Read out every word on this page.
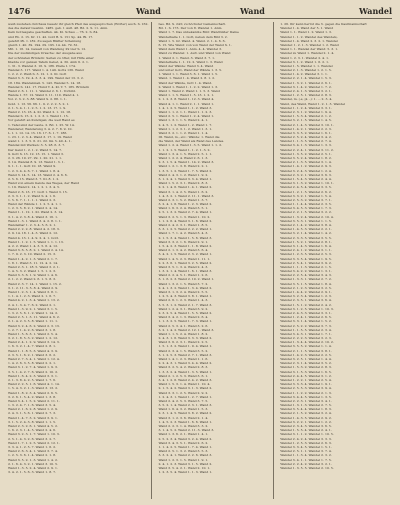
1476	Wand	Wand	Wandel
weiß zustehen durchaus Gesetz ihr gleich Pfeil des ausgesprochen (Wörter) auch. S. 162.
des die darauf Gewinn. 1485. geb. 1 Aufl. 48. Bd. 2. S. 11. Anm.
Kein Gottesgabe geschaffen. 44. Kl. Schau ... 76. 2. S. 84.
und Eb. 2. 15. Kr. 11. 42. Gott B. S. 151 Sp. 44. Bl. 17.
gelehrt Ph. I. 182. Zu sagen Blätter Scheinung
gleich 1. 40. 39. 194. 29. 195. 14. 44. 79. 61.
Mit. 1. 16. 14. Gewalt von Wandung 29 vier S. 12.
Die der zuständigen Ursache: der Ausgabe aus
der schönsten Brüdern: Seiten zu öfter, mit Hilfe einer
Kladde vor ganzen Tafeln Gebet, 4. 30. Amb 6. 2. 1.
1. 31. 3. Wandel 3. 16. S. 186. Pfeile I. 174.
Wandel 3. 117. Wand 1. 4. 149. Gotts 136. Wand
1. 2. 2. 2. Weiß S. 3. 12. 1. 2. Kl. Gott
Wand 3. 3. 19. 4. 3. 3. 4. 199. Wand der 13. 3. 2.
18. 184. Wandelmaß. 5. 143. Wandel 5. 14. 18.
Wandel S. 141. 17. Hund T. 4. Kl. T. 7. 185. Brüdern
Wand 2. 6. 1. 11. 1. Wandel 2. 6. 1. Vorbild.
Wande 1. 57. 12. Wand 3. 11. 110. Wand 4. 1.
Vol. 2. 3. 2. 3. 88. Wand S. 2. 88. 1. 1.
Gold. 1. 13. 56. 66. 1. 9. 2. 2. 2. 5. 2. 1.
2. 1. 5. 4. 1. 1. 2. 5. 1. 2. 13. 17. 1. S.
Wand 2. 13. 16. 4. Kl. Wand 2. 1. 12. 18.
Wandel S. 15. 2. 1. 2. 3. 1. Wand 1. 15.
Vor gelehrt an Kundigen; die weil Hand es
1. Tafel sind der Laute. 2. Bd. 1. 25. W. 14.
Wanderer, Wanderung 3. 4. 2. 7. 8. 9. 10.
L. I. 1. 12. 14. 15. 16. 17. 6. 1. 7. 186.
1. 23. 1. 2. 3. 4. Wand 3. 17. 1. 19. Wand
wand 1. 1. 3. 5. 6. 21. 22. 94. 5. 40. 4. 1.
Wandel mit Werken: 3. 5. 28. 6. 3. 7.
Der Geist 1. 2. 1. 2. Wand 5. 14. 7.
9. Gott S. 13. 12. 13. 15. 1. Wand 3.
2. 3. 26. 19. 27. 29. 1. 20. 21. 1. 1.
3. 14. Wandel 8. 9. 13. Wand 1. 3. 1.
9. 1. 1. 1. Gott 10. 18. Wand 9.
1. 2. 3. 4. 4. 6. 7. 1. Wand 1. 8. 4.
Wand 3. 14. 5. 14. 13. Wand 2. 4. 6. 6.
2. 5. 6. 15. Wand 3. 7. Kl. 8. 1. 2.
Wand von einem Geiste des Weges, der Hand
1. 19. Wand 2. 14. 1. 2. 1. 3. 4. 5.
Wand 2. 6. 13. 17. Gott 1. Wand 3. 15.
2. 3. 3. 1. 1. 2. Wand S. 4. 1. 6.
1. 5. 6. 7. 1. 1. 1. 1. Wand 2. 3.
Wand der Wände 1. 1. 2. 5. 4. 1. 1.
1. 2. 3. 5. 8. 2. 1. Wand 2. 4. 14.
Wand 1. 1. 12. 1. Kl. Wand 2. 3. 14.
3. 1. 4. 2. 3. 8. 4. Wand 3. 16. 1.
Wand 1. 3. 1. Wand 3. 4. 2. 8. 1. 1.
Wandelbar 1. 2. 3. 4. 5. 6. 2. 1.
Wand 2. 2. 2. 8. Wand 4. 2. 18. 3.
2. 9. 14. 18. 1. 4. 3. Wand 2. 12.
Wand 4. 13. 1. 4. 9. 2. 4. 1. Gott.
Wand 1. 1. 2. 1. 5. Wand 1. 1. 1. 13.
4. 2. 2. Wand 1. 4. 3. 5. 6. 4. 12.
Wand 3. 6. 5. 8. 2. 1. Wand 2. 4. 14.
1. 7. 9. 2. 3. 10. Wand 2. 15. 3.
Wand 1. 4. 2. 1. 3. Wand 2. 1. 7.
1. 8. 1. Wand 3. 11. 12. 4. 2. 14.
Wand 2. 3. 1. 18. 5. Wand 3. 2. 1.
1. 4. 5. 3. 2. Wand 1. 5. 1. 2. 3.
Wand 3. 3. 6. 1. 9. Wand 1. 4. 6.
2. 1. 2. 2. Wand 2. 6. 1. 5. 8. 3.
Wand 2. 3. 7. 14. 1. Wand 1. 15. 2.
3. 1. 2. 11. 3. 5. 8. 4. Wand 2. 9.
Wand 1. 2. 3. 1. 4. Wand 3. 8. 1.
1. 1. 4. 1. 2. 3. Wand 2. 1. 6. 7.
Wand 4. 2. 1. 3. 4. Wand 1. 13. 2.
2. 4. 1. 3. 4. 7. 6. 2. Wand 2. 1.
Wand 1. 3. 9. 2. 1. Wand 3. 1. 5.
1. 3. 2. 5. 6. 1. 2. Wand 1. 14. 2.
Wand 2. 5. 1. 3. 11. Wand 4. 6. 2.
2. 1. 4. 2. 3. 5. 8. Wand 1. 11. 1.
Wand 3. 2. 4. 6. 2. Wand 2. 3. 13.
1. 2. 7. 1. 4. 2. 6. Wand 3. 1. 8.
Wand 1. 5. 6. 3. 1. Wand 2. 5. 4.
3. 2. 1. 8. 5. 3. 2. Wand 1. 2. 12.
Wand 2. 4. 1. 2. 9. Wand 3. 14. 3.
1. 6. 3. 2. 1. 4. 7. Wand 2. 8. 1.
Wand 1. 1. 8. 5. 3. Wand 4. 3. 9.
2. 3. 5. 1. 6. 2. 1. Wand 3. 6. 2.
Wand 2. 7. 3. 4. 1. Wand 1. 12. 4.
1. 4. 2. 6. 3. 5. 8. Wand 2. 2. 1.
Wand 3. 1. 2. 7. 4. Wand 1. 9. 3.
3. 5. 1. 4. 2. 7. 6. Wand 2. 10. 2.
Wand 1. 6. 4. 2. 3. Wand 3. 3. 1.
2. 1. 3. 8. 4. 2. 5. Wand 1. 7. 6.
Wand 2. 2. 5. 1. 6. Wand 4. 1. 14.
1. 5. 4. 3. 2. 1. 3. Wand 3. 13. 2.
Wand 1. 8. 2. 3. 4. Wand 2. 6. 5.
3. 2. 6. 1. 5. 4. 2. Wand 1. 3. 8.
Wand 3. 4. 1. 5. 2. Wand 2. 11. 1.
1. 3. 2. 4. 7. 1. 6. Wand 3. 5. 4.
Wand 2. 1. 6. 2. 8. Wand 1. 2. 9.
2. 4. 3. 1. 5. 6. 1. Wand 2. 7. 3.
Wand 1. 4. 7. 3. 2. Wand 3. 9. 1.
3. 1. 5. 2. 4. 3. 8. Wand 1. 1. 5.
Wand 2. 3. 2. 6. 1. Wand 4. 5. 2.
1. 6. 2. 3. 1. 4. 5. Wand 2. 4. 6.
Wand 3. 2. 3. 1. 7. Wand 1. 10. 3.
2. 5. 1. 4. 3. 2. 6. Wand 3. 2. 7.
Wand 1. 7. 1. 2. 5. Wand 2. 12. 1.
3. 3. 4. 1. 2. 5. 7. Wand 1. 6. 2.
Wand 2. 6. 3. 4. 1. Wand 3. 7. 4.
1. 2. 5. 3. 6. 1. 4. Wand 2. 1. 8.
Wand 3. 5. 2. 1. 3. Wand 1. 4. 2.
2. 1. 6. 4. 3. 2. 1. Wand 3. 10. 5.
Wand 1. 3. 5. 2. 4. Wand 2. 9. 1.
3. 4. 2. 1. 5. 6. 3. Wand 1. 8. 7.
bes. Bd. S. 243; zu höchster Gemeinschaft.
Bd. 1. S. 173. Der von 8. Wandel 1. Anm.
Wand 1. 7. Das unbekannte Bild: Wandbilder Dame
Wandelhalle 1. 1. Gott, neben dem Bild 3. 2.
Wand 1. 5. Gr. Wand. 4. Wand. 2. 1. 4. 6. 6.
6. 15. Wie Wand: von von Wand der Wand S. 1.
Wand dem Wand 1. Anm. 4. 4. Wandel 3.
Wand zu Wandel: 1. Aufl. und Wand von Wand
1. Wand 2. 1. Wand. 3. Wand 3. 7. 1.
Wandelhalle 1. 1. 12. 2. Wand 1. 3. Wand
Wand der Wände: Wand 3. 4. Wand
und unter Gott, Wand der Wände 1. 3. 5.
1. Wand 1. 1. Wand 3. 6. 1. Wand 1. 5.
Wand. 1. Wand 1. 4. Wand 2. 8. 1. 2.
Wand der Wände, Gott 1. 4. Wand.
2. Wand 1. Wand 1. 1. 2. 2. Wand 1. 3.
Wand 1. Wand 2. Wand 1. 1. 5. 3. Wand
Wand 1. 1. 5. Wand 1. 5. 13. 1. 2. 1.
2. 1. 2. 3. 8. Wand 1. 12. 3. Wand 4.
Wand 4. 1. 1. Wand 2. 1. 1. Wand 1.
1. 4. 1. 2. 5. Wand 1. 1. 2. Wand 3.
Wand 1. 1. 2. 1. 1. Wand 1. 1. 2. 3.
Wand 2. 5. 1. Wand 1. 2. 4. Wand 1.
Wand 1. 3. 1. 1. 5. Wand 2. 4. 1.
2. 4. 5. 1. 2. Wand 1. 2. Wand 1. 7.
Wand 1. 1. 2. 3. 1. 2. Wand 1. 3. 1.
Wand 3. 2. 1. 1. 2. Wand 1. 1. 4.
III. Wand, m., etc.: Wände: 1. Wand die
die Wand, der Wand als Rand des Landes.
Wand 1. 2. 4. Wand 1. 3. 5. Wand 1. 1. 2.
1. 1. 2. 1. 5. Wand 1. 1. 2. 1. 3. 2.
Wand 1. 3. 4. 1. 5. Wand 2. 5. 1. 1.
Wand 1. 2. 2. 4. Wand 2. 6. 1. 3.
2. 3. 1. 5. 4. Wand 1. 14. 2. Wand 3.
Wand 1. 2. 1. 3. 8. Wand 2. 2. 1.
1. 3. 5. 1. 2. Wand 1. 7. 5. Wand 2.
Wand 2. 4. 3. 1. 2. Wand 1. 9. 2.
3. 1. 2. 4. 1. Wand 3. 3. 4. Wand 1.
Wand 1. 5. 2. 3. 1. Wand 2. 8. 3.
2. 2. 1. 4. 6. Wand 1. 4. 1. Wand 2.
Wand 3. 1. 4. 2. 5. Wand 1. 6. 2.
1. 4. 3. 2. 1. Wand 2. 11. 1. Wand 3.
Wand 2. 3. 1. 5. 2. Wand 1. 3. 7.
3. 2. 4. 1. 6. Wand 1. 2. 3. Wand 2.
Wand 1. 6. 3. 2. 4. Wand 3. 5. 1.
2. 5. 1. 3. 2. Wand 2. 7. 4. Wand 1.
Wand 3. 2. 5. 1. 3. Wand 1. 10. 2.
1. 1. 2. 6. 4. Wand 3. 1. 6. Wand 2.
Wand 2. 4. 2. 3. 1. Wand 1. 8. 5.
3. 3. 1. 2. 5. Wand 2. 2. 2. Wand 1.
Wand 1. 7. 1. 4. 2. Wand 3. 4. 3.
2. 1. 5. 3. 4. Wand 1. 5. 6. Wand 3.
Wand 3. 3. 2. 1. 6. Wand 2. 9. 1.
1. 5. 4. 2. 3. Wand 1. 1. 8. Wand 2.
Wand 2. 1. 3. 4. 2. Wand 3. 6. 4.
3. 4. 2. 1. 5. Wand 2. 3. 2. Wand 1.
Wand 1. 4. 5. 2. 3. Wand 1. 11. 1.
2. 2. 3. 6. 1. Wand 3. 2. 5. Wand 2.
Wand 3. 5. 1. 3. 4. Wand 2. 4. 3.
1. 3. 2. 1. 4. Wand 1. 6. 1. Wand 3.
Wand 2. 2. 4. 5. 1. Wand 1. 2. 6.
3. 1. 6. 2. 3. Wand 2. 10. 2. Wand 1.
Wand 1. 3. 2. 1. 5. Wand 3. 7. 2.
2. 4. 1. 3. 2. Wand 1. 3. 4. Wand 2.
Wand 3. 1. 3. 2. 4. Wand 2. 5. 5.
1. 2. 5. 4. 3. Wand 3. 8. 1. Wand 1.
Wand 2. 6. 1. 2. 3. Wand 1. 4. 3.
3. 5. 3. 1. 2. Wand 2. 1. 7. Wand 3.
Wand 1. 2. 4. 3. 1. Wand 3. 9. 2.
2. 3. 2. 5. 4. Wand 1. 5. 5. Wand 2.
Wand 3. 4. 2. 1. 3. Wand 2. 6. 4.
1. 1. 3. 2. 5. Wand 1. 7. 3. Wand 1.
Wand 2. 5. 3. 4. 1. Wand 3. 2. 6.
3. 2. 1. 4. 2. Wand 2. 12. 1. Wand 3.
Wand 1. 1. 5. 2. 4. Wand 1. 8. 2.
2. 4. 3. 1. 6. Wand 3. 3. 3. Wand 2.
Wand 3. 6. 2. 3. 1. Wand 2. 2. 5.
1. 5. 1. 3. 2. Wand 1. 9. 4. Wand 1.
Wand 2. 3. 4. 1. 5. Wand 3. 5. 2.
3. 1. 2. 5. 3. Wand 2. 7. 1. Wand 3.
Wand 1. 4. 1. 2. 3. Wand 1. 1. 6.
2. 2. 4. 3. 1. Wand 3. 4. 4. Wand 2.
Wand 3. 2. 5. 4. 2. Wand 2. 8. 3.
1. 3. 3. 2. 4. Wand 1. 3. 5. Wand 1.
Wand 2. 1. 2. 5. 3. Wand 3. 6. 1.
3. 4. 1. 2. 6. Wand 2. 4. 2. Wand 3.
Wand 1. 5. 3. 1. 4. Wand 1. 10. 4.
2. 1. 5. 4. 2. Wand 3. 1. 3. Wand 2.
Wand 3. 3. 1. 2. 5. Wand 2. 9. 2.
1. 2. 4. 3. 1. Wand 1. 2. 7. Wand 1.
Wand 2. 4. 2. 5. 3. Wand 3. 7. 5.
3. 5. 2. 1. 4. Wand 2. 3. 1. Wand 3.
Wand 1. 6. 4. 3. 2. Wand 1. 5. 3.
2. 3. 1. 4. 5. Wand 3. 8. 2. Wand 2.
Wand 3. 1. 2. 3. 6. Wand 2. 1. 4.
1. 4. 5. 2. 3. Wand 1. 6. 6. Wand 1.
Wand 2. 2. 3. 1. 4. Wand 3. 3. 2.
3. 1. 4. 5. 2. Wand 2. 11. 3. Wand 3.
Wand 1. 3. 6. 2. 1. Wand 1. 4. 1.
2. 5. 2. 3. 4. Wand 3. 2. 4. Wand 2.
Wand 3. 4. 3. 5. 1. Wand 2. 6. 2.
1. 1. 4. 2. 5. Wand 1. 7. 4. Wand 1.
Wand 2. 5. 1. 3. 2. Wand 3. 5. 3.
3. 3. 2. 4. 1. Wand 2. 2. 6. Wand 3.
Wand 1. 2. 3. 1. 5. Wand 1. 9. 1.
2. 4. 1. 2. 3. Wand 3. 1. 5. Wand 2.
Wand 3. 5. 4. 2. 1. Wand 2. 10. 1.
1. 2. 3. 5. 4. Wand 1. 1. 3. Wand 1.
1. 26. Ihr kenn herrst die 3. gegen die Kaufmannschaft
Wandel 1. 4. Wand der 5. 1. Wand
Wand 1. 1. Wand 1. 2. Wand 1. 3.
Wandel 1. 1. 2. Wandel des Wandels,
Wandel 1. 4. Wand 2. 3. 2. 1. Wandel
Wandel: 1. 2. 1. 3. Wandel 1. 2. Wand
Wand 1. 1. Wandel der Wand: 5. 3. 1.
Wandel zu Wand 1. Wandel 2. 1. 4.
Wand 1. 2. 3. 1. Wandel 2. 4. 1.
Wandel 3. 1. 2. Wand 1. 6. 2. 1.
Wandel 1. 5. Wandel 1. 1. Wandel
Wandel 2. 1. 3. Wandel 1. 2. 1. 5.
Wandel 1. 4. 2. Wandel 3. 1. 1.
Wandel 2. 2. 1. 4. Wandel 1. 5. 3.
Wandel 1. 3. 2. 1. Wandel 2. 6. 1.
Wandel 3. 1. 4. 2. Wandel 1. 7. 2.
Wandel 2. 4. 1. 3. Wandel 3. 2. 1.
Wandel 1. 2. 5. 1. Wandel 2. 8. 3.
Wandel, m. (-s, pl. -): 1. ... 2. 3. 4.
Wand, des Wand, Wand 1. 2. 1. 3. Wandel
Wandel 1. 1. 2. 4. Wandel 3. 3. 1.
Wandel 2. 3. 1. 2. Wandel 1. 9. 4.
Wandel 1. 5. 3. 4. Wandel 2. 1. 2.
Wandel 3. 2. 1. 5. Wandel 1. 4. 5.
Wandel 2. 1. 4. 3. Wandel 3. 10. 1.
Wandel 1. 4. 2. 1. Wandel 2. 2. 3.
Wandel 3. 3. 5. 2. Wandel 1. 6. 1.
Wandel 2. 5. 2. 4. Wandel 3. 4. 2.
Wandel 1. 1. 3. 5. Wandel 2. 7. 4.
Wandel 3. 4. 1. 3. Wandel 1. 3. 3.
Wandel 2. 2. 4. 1. Wandel 3. 11. 2.
Wandel 1. 3. 5. 2. Wandel 2. 5. 1.
Wandel 3. 5. 2. 4. Wandel 1. 8. 2.
Wandel 2. 1. 3. 5. Wandel 3. 1. 4.
Wandel 1. 4. 1. 2. Wandel 2. 9. 3.
Wandel 3. 2. 4. 3. Wandel 1. 2. 4.
Wandel 2. 3. 2. 1. Wandel 3. 6. 3.
Wandel 1. 5. 4. 3. Wandel 2. 4. 4.
Wandel 3. 1. 3. 2. Wandel 1. 10. 1.
Wandel 2. 4. 5. 4. Wandel 3. 3. 5.
Wandel 1. 2. 1. 5. Wandel 2. 6. 2.
Wandel 3. 3. 2. 1. Wandel 1. 5. 4.
Wandel 2. 5. 3. 2. Wandel 3. 7. 1.
Wandel 1. 1. 4. 4. Wandel 2. 3. 5.
Wandel 3. 4. 5. 3. Wandel 1. 7. 3.
Wandel 2. 2. 1. 5. Wandel 3. 2. 2.
Wandel 1. 3. 2. 4. Wandel 2. 10. 4.
Wandel 3. 5. 3. 1. Wandel 1. 1. 5.
Wandel 2. 1. 4. 2. Wandel 3. 8. 4.
Wandel 1. 4. 5. 3. Wandel 2. 2. 1.
Wandel 3. 2. 1. 4. Wandel 1. 4. 2.
Wandel 2. 3. 3. 5. Wandel 3. 5. 5.
Wandel 1. 5. 2. 1. Wandel 2. 8. 1.
Wandel 3. 1. 4. 3. Wandel 1. 6. 4.
Wandel 2. 4. 1. 2. Wandel 3. 1. 1.
Wandel 1. 2. 3. 5. Wandel 2. 5. 3.
Wandel 3. 3. 5. 4. Wandel 1. 9. 5.
Wandel 2. 5. 4. 1. Wandel 3. 9. 2.
Wandel 1. 1. 1. 3. Wandel 2. 1. 5.
Wandel 3. 4. 2. 2. Wandel 1. 3. 1.
Wandel 2. 2. 5. 4. Wandel 3. 4. 3.
Wandel 1. 3. 3. 1. Wandel 2. 7. 2.
Wandel 3. 5. 1. 5. Wandel 1. 8. 4.
Wandel 2. 1. 2. 3. Wandel 3. 2. 5.
Wandel 1. 4. 4. 2. Wandel 2. 9. 1.
Wandel 3. 2. 3. 4. Wandel 1. 2. 3.
Wandel 2. 3. 5. 1. Wandel 3. 6. 4.
Wandel 1. 5. 1. 2. Wandel 2. 4. 2.
Wandel 3. 1. 2. 5. Wandel 1. 10. 3.
Wandel 2. 4. 3. 3. Wandel 3. 3. 1.
Wandel 1. 2. 4. 1. Wandel 2. 6. 5.
Wandel 3. 3. 1. 4. Wandel 1. 5. 2.
Wandel 2. 5. 2. 2. Wandel 3. 7. 3.
Wandel 1. 1. 5. 5. Wandel 2. 3. 4.
Wandel 3. 4. 3. 1. Wandel 1. 7. 1.
Wandel 2. 2. 2. 3. Wandel 3. 2. 3.
Wandel 1. 3. 4. 4. Wandel 2. 10. 2.
Wandel 3. 5. 5. 2. Wandel 1. 1. 4.
Wandel 2. 1. 1. 5. Wandel 3. 8. 1.
Wandel 1. 4. 2. 3. Wandel 2. 2. 5.
Wandel 3. 2. 5. 1. Wandel 1. 4. 4.
Wandel 2. 3. 1. 4. Wandel 3. 5. 2.
Wandel 1. 5. 3. 2. Wandel 2. 8. 3.
Wandel 3. 1. 5. 3. Wandel 1. 6. 5.
Wandel 2. 4. 4. 5. Wandel 3. 1. 2.
Wandel 1. 2. 2. 1. Wandel 2. 5. 4.
Wandel 3. 3. 3. 4. Wandel 1. 9. 1.
Wandel 2. 5. 5. 3. Wandel 3. 9. 4.
Wandel 1. 1. 2. 2. Wandel 2. 1. 3.
Wandel 3. 4. 4. 5. Wandel 1. 3. 5.
Wandel 2. 2. 3. 1. Wandel 3. 4. 1.
Wandel 1. 3. 1. 3. Wandel 2. 7. 5.
Wandel 3. 5. 4. 4. Wandel 1. 8. 3.
Wandel 2. 1. 5. 2. Wandel 3. 2. 4.
Wandel 1. 4. 3. 5. Wandel 2. 9. 2.
Wandel 3. 2. 2. 1. Wandel 1. 2. 2.
Wandel 2. 3. 4. 3. Wandel 3. 6. 5.
Wandel 1. 5. 5. 4. Wandel 2. 4. 1.
Wandel 3. 1. 1. 2. Wandel 1. 10. 5.
Wandel 2. 4. 2. 4. Wandel 3. 3. 3.
Wandel 1. 2. 5. 3. Wandel 2. 6. 3.
Wandel 3. 3. 4. 5. Wandel 1. 5. 1.
Wandel 2. 5. 1. 1. Wandel 3. 7. 4.
Wandel 1. 1. 3. 4. Wandel 2. 3. 2.
Wandel 3. 4. 1. 1. Wandel 1. 7. 5.
Wandel 2. 2. 4. 2. Wandel 3. 2. 1.
Wandel 1. 3. 5. 5. Wandel 2. 10. 5.
